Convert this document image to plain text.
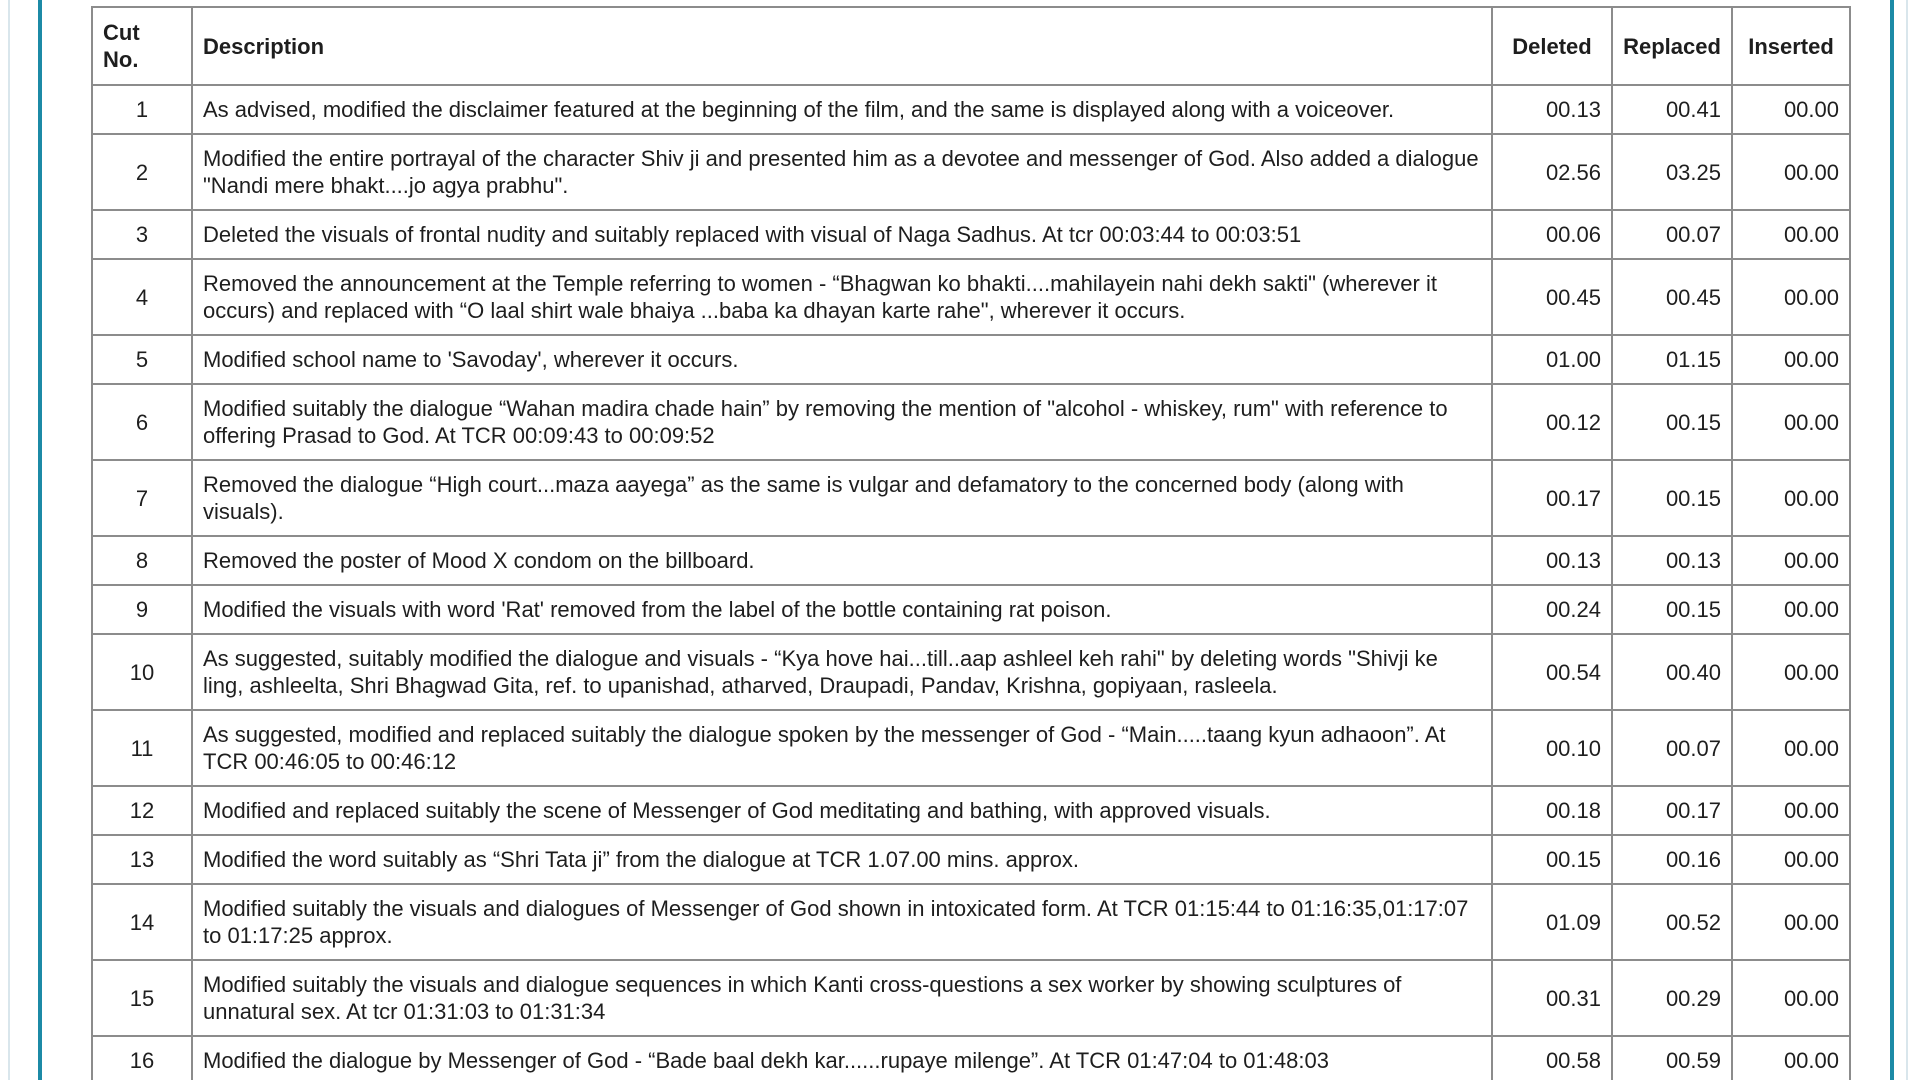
Cut No.	Description	Deleted	Replaced	Inserted
1	As advised, modified the disclaimer featured at the beginning of the film, and the same is displayed along with a voiceover.	00.13	00.41	00.00
2	Modified the entire portrayal of the character Shiv ji and presented him as a devotee and messenger of God. Also added a dialogue "Nandi mere bhakt....jo agya prabhu".	02.56	03.25	00.00
3	Deleted the visuals of frontal nudity and suitably replaced with visual of Naga Sadhus. At tcr 00:03:44 to 00:03:51	00.06	00.07	00.00
4	Removed the announcement at the Temple referring to women - “Bhagwan ko bhakti....mahilayein nahi dekh sakti" (wherever it occurs) and replaced with “O laal shirt wale bhaiya ...baba ka dhayan karte rahe", wherever it occurs.	00.45	00.45	00.00
5	Modified school name to 'Savoday', wherever it occurs.	01.00	01.15	00.00
6	Modified suitably the dialogue “Wahan madira chade hain” by removing the mention of "alcohol - whiskey, rum" with reference to offering Prasad to God. At TCR 00:09:43 to 00:09:52	00.12	00.15	00.00
7	Removed the dialogue “High court...maza aayega” as the same is vulgar and defamatory to the concerned body (along with visuals).	00.17	00.15	00.00
8	Removed the poster of Mood X condom on the billboard.	00.13	00.13	00.00
9	Modified the visuals with word 'Rat' removed from the label of the bottle containing rat poison.	00.24	00.15	00.00
10	As suggested, suitably modified the dialogue and visuals - “Kya hove hai...till..aap ashleel keh rahi" by deleting words "Shivji ke ling, ashleelta, Shri Bhagwad Gita, ref. to upanishad, atharved, Draupadi, Pandav, Krishna, gopiyaan, rasleela.	00.54	00.40	00.00
11	As suggested, modified and replaced suitably the dialogue spoken by the messenger of God - “Main.....taang kyun adhaoon”. At TCR 00:46:05 to 00:46:12	00.10	00.07	00.00
12	Modified and replaced suitably the scene of Messenger of God meditating and bathing, with approved visuals.	00.18	00.17	00.00
13	Modified the word suitably as “Shri Tata ji” from the dialogue at TCR 1.07.00 mins. approx.	00.15	00.16	00.00
14	Modified suitably the visuals and dialogues of Messenger of God shown in intoxicated form. At TCR 01:15:44 to 01:16:35,01:17:07 to 01:17:25 approx.	01.09	00.52	00.00
15	Modified suitably the visuals and dialogue sequences in which Kanti cross-questions a sex worker by showing sculptures of unnatural sex. At tcr 01:31:03 to 01:31:34	00.31	00.29	00.00
16	Modified the dialogue by Messenger of God - “Bade baal dekh kar......rupaye milenge”. At TCR 01:47:04 to 01:48:03	00.58	00.59	00.00
